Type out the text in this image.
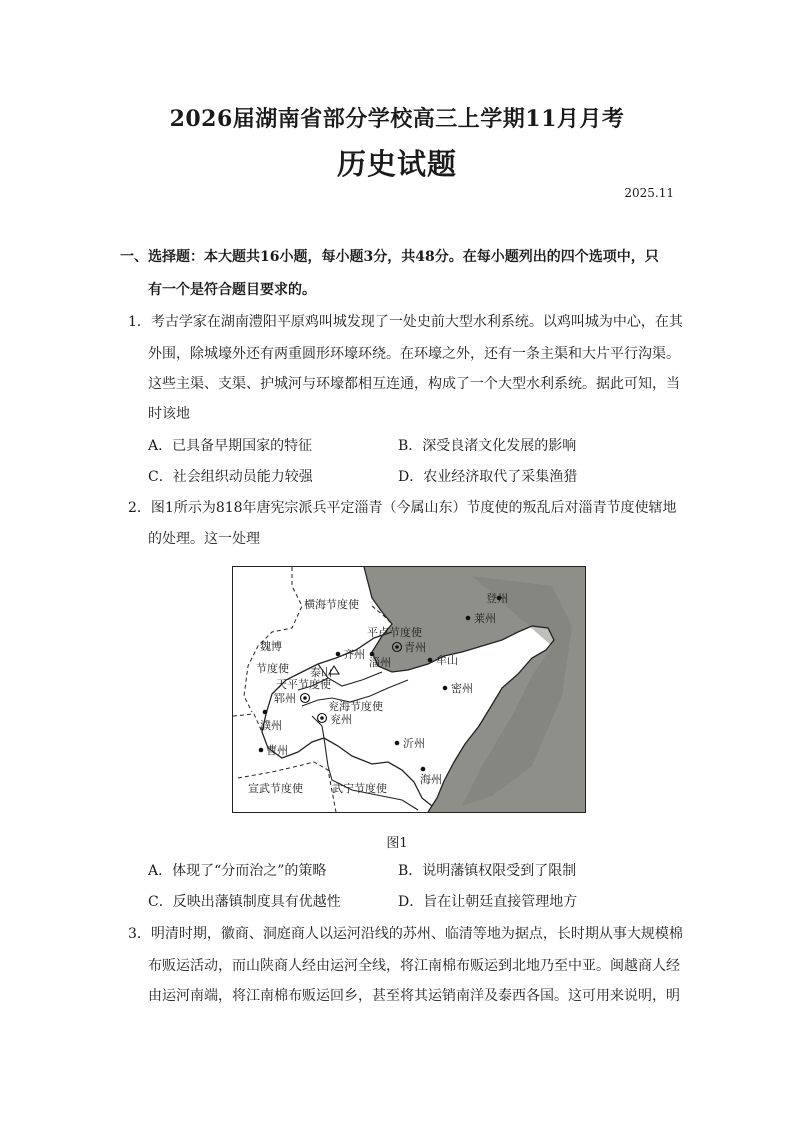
2026届湖南省部分学校高三上学期11月月考
历史试题
2025.11
一、选择题：本大题共16小题，每小题3分，共48分。在每小题列出的四个选项中，只
有一个是符合题目要求的。
1．考古学家在湖南澧阳平原鸡叫城发现了一处史前大型水利系统。以鸡叫城为中心，在其
外围，除城壕外还有两重圆形环壕环绕。在环壕之外，还有一条主渠和大片平行沟渠。
这些主渠、支渠、护城河与环壕都相互连通，构成了一个大型水利系统。据此可知，当
时该地
A．已具备早期国家的特征	B．深受良渚文化发展的影响
C．社会组织动员能力较强	D．农业经济取代了采集渔猎
2．图1所示为818年唐宪宗派兵平定淄青（今属山东）节度使的叛乱后对淄青节度使辖地
的处理。这一处理
横海节度使
魏博
节度使
登州
莱州
平卢节度使
齐州
青州
淄州	牟山
泰山
天平节度使
郓州
密州
兖海节度使
兖州
濮州
沂州
曹州
海州
宣武节度使	武宁节度使
图1
A．体现了“分而治之”的策略	B．说明藩镇权限受到了限制
C．反映出藩镇制度具有优越性	D．旨在让朝廷直接管理地方
3．明清时期，徽商、洞庭商人以运河沿线的苏州、临清等地为据点，长时期从事大规模棉
布贩运活动，而山陕商人经由运河全线，将江南棉布贩运到北地乃至中亚。闽越商人经
由运河南端，将江南棉布贩运回乡，甚至将其运销南洋及泰西各国。这可用来说明，明
